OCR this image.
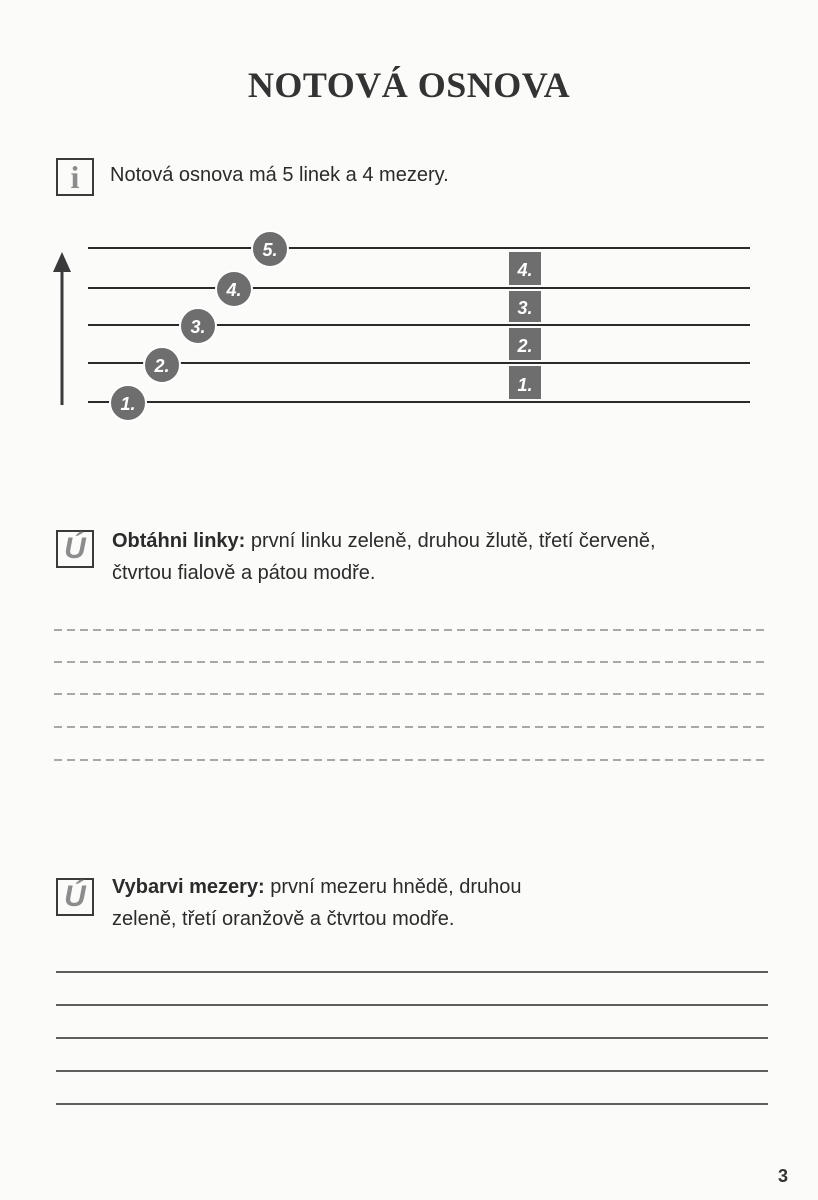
NOTOVÁ OSNOVA
i	Notová osnova má 5 linek a 4 mezery.
1.
2.
3.
4.
5.
4.
3.
2.
1.
Ú	Obtáhni linky: první linku zeleně, druhou žlutě, třetí červeně,
čtvrtou fialově a pátou modře.
Ú	Vybarvi mezery: první mezeru hnědě, druhou
zeleně, třetí oranžově a čtvrtou modře.
3
